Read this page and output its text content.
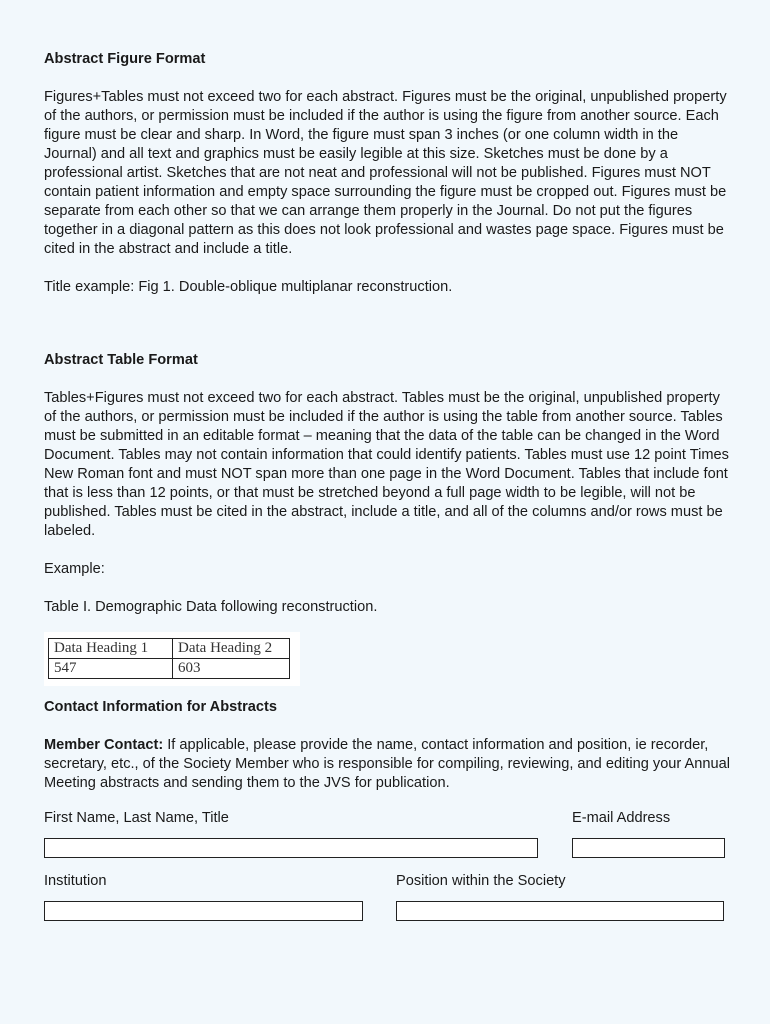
Abstract Figure Format

Figures+Tables must not exceed two for each abstract. Figures must be the original, unpublished property of the authors, or permission must be included if the author is using the figure from another source. Each figure must be clear and sharp. In Word, the figure must span 3 inches (or one column width in the Journal) and all text and graphics must be easily legible at this size. Sketches must be done by a professional artist. Sketches that are not neat and professional will not be published. Figures must NOT contain patient information and empty space surrounding the figure must be cropped out. Figures must be separate from each other so that we can arrange them properly in the Journal. Do not put the figures together in a diagonal pattern as this does not look professional and wastes page space. Figures must be cited in the abstract and include a title.

Title example: Fig 1. Double-oblique multiplanar reconstruction.

Abstract Table Format

Tables+Figures must not exceed two for each abstract. Tables must be the original, unpublished property of the authors, or permission must be included if the author is using the table from another source. Tables must be submitted in an editable format – meaning that the data of the table can be changed in the Word Document. Tables may not contain information that could identify patients. Tables must use 12 point Times New Roman font and must NOT span more than one page in the Word Document. Tables that include font that is less than 12 points, or that must be stretched beyond a full page width to be legible, will not be published. Tables must be cited in the abstract, include a title, and all of the columns and/or rows must be labeled.

Example:

Table I. Demographic Data following reconstruction.

Data Heading 1	Data Heading 2
547	603

Contact Information for Abstracts

Member Contact: If applicable, please provide the name, contact information and position, ie recorder, secretary, etc., of the Society Member who is responsible for compiling, reviewing, and editing your Annual Meeting abstracts and sending them to the JVS for publication.

First Name, Last Name, Title	E-mail Address
Institution	Position within the Society
